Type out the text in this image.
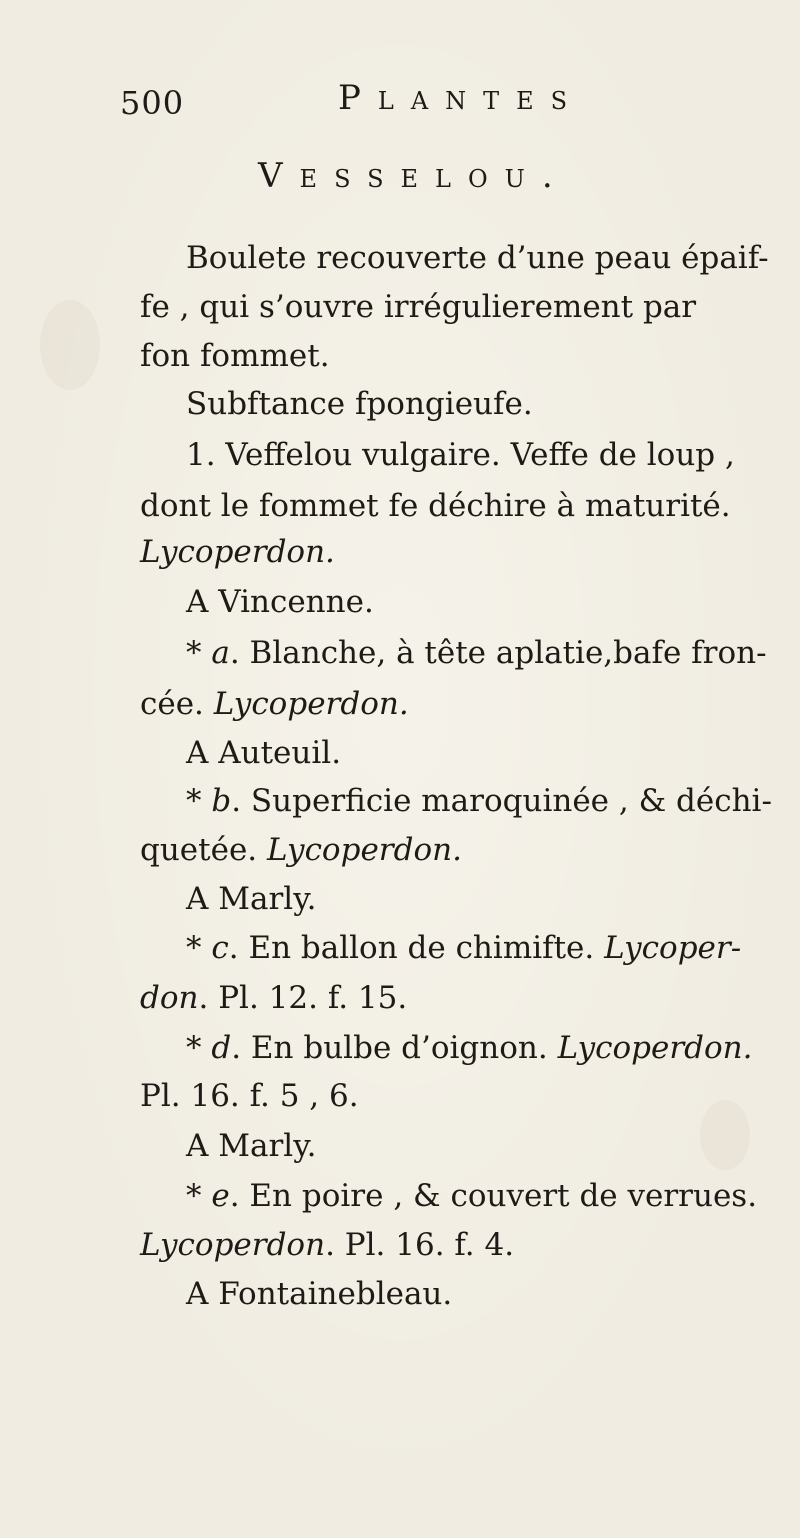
500	Plantes
Vesselou.
Boulete recouverte d’une peau épaif-
fe , qui s’ouvre irrégulierement par
fon fommet.
Subftance fpongieufe.
1. Veffelou vulgaire. Veffe de loup ,
dont le fommet fe déchire à maturité.
Lycoperdon.
A Vincenne.
* a. Blanche, à tête aplatie,bafe fron-
cée. Lycoperdon.
A Auteuil.
* b. Superficie maroquinée , & déchi-
quetée. Lycoperdon.
A Marly.
* c. En ballon de chimifte. Lycoper-
don. Pl. 12. f. 15.
* d. En bulbe d’oignon. Lycoperdon.
Pl. 16. f. 5 , 6.
A Marly.
* e. En poire , & couvert de verrues.
Lycoperdon. Pl. 16. f. 4.
A Fontainebleau.
